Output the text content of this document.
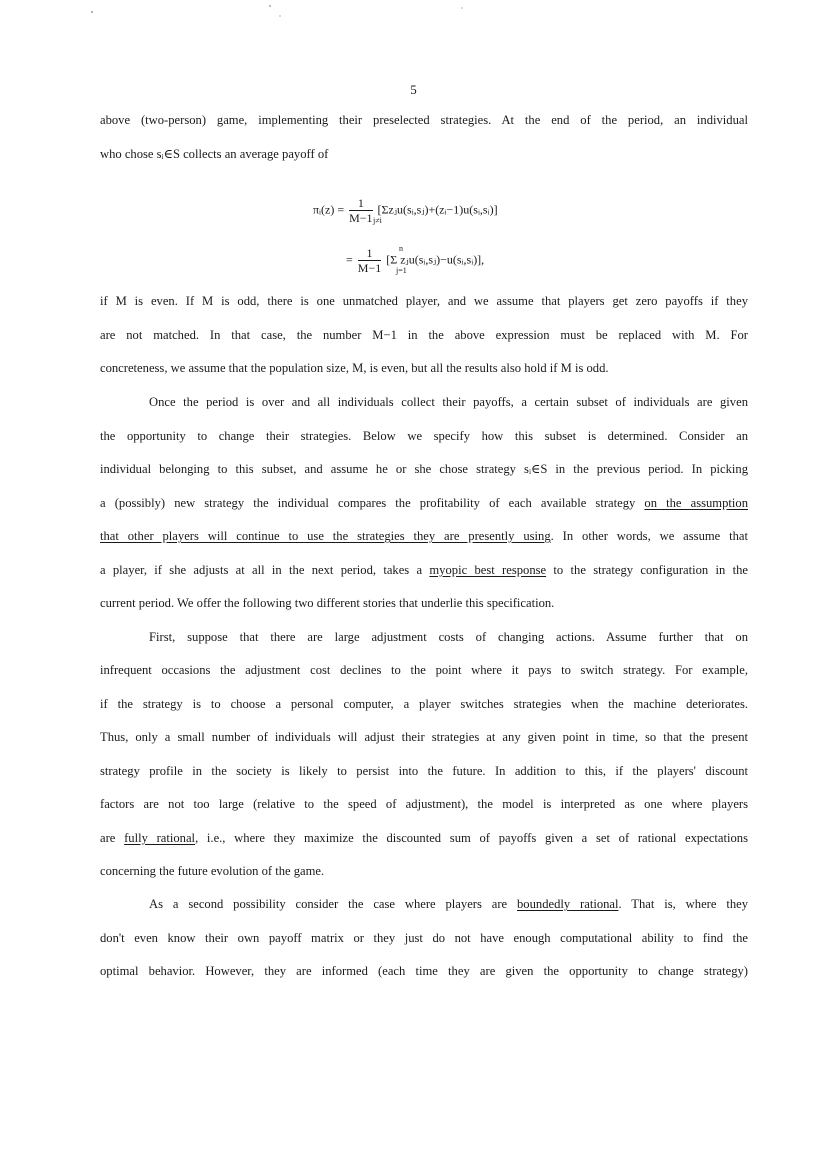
5
above (two-person) game, implementing their preselected strategies. At the end of the period, an individual
who chose sᵢ∈S collects an average payoff of
πᵢ(z) = $\frac{1}{M-1}$ [Σzⱼu(sᵢ,sⱼ)+(zᵢ−1)u(sᵢ,sᵢ)]
j≠i
= $\frac{1}{M-1} [\Sigma$ zⱼu(sᵢ,sⱼ)−u(sᵢ,sᵢ)],
n
j=1
if M is even. If M is odd, there is one unmatched player, and we assume that players get zero payoffs if they
are not matched. In that case, the number M−1 in the above expression must be replaced with M. For
concreteness, we assume that the population size, M, is even, but all the results also hold if M is odd.
Once the period is over and all individuals collect their payoffs, a certain subset of individuals are given
the opportunity to change their strategies. Below we specify how this subset is determined. Consider an
individual belonging to this subset, and assume he or she chose strategy sᵢ∈S in the previous period. In picking
a (possibly) new strategy the individual compares the profitability of each available strategy on the assumption
that other players will continue to use the strategies they are presently using. In other words, we assume that
a player, if she adjusts at all in the next period, takes a myopic best response to the strategy configuration in the
current period. We offer the following two different stories that underlie this specification.
First, suppose that there are large adjustment costs of changing actions. Assume further that on
infrequent occasions the adjustment cost declines to the point where it pays to switch strategy. For example,
if the strategy is to choose a personal computer, a player switches strategies when the machine deteriorates.
Thus, only a small number of individuals will adjust their strategies at any given point in time, so that the present
strategy profile in the society is likely to persist into the future. In addition to this, if the players' discount
factors are not too large (relative to the speed of adjustment), the model is interpreted as one where players
are fully rational, i.e., where they maximize the discounted sum of payoffs given a set of rational expectations
concerning the future evolution of the game.
As a second possibility consider the case where players are boundedly rational. That is, where they
don't even know their own payoff matrix or they just do not have enough computational ability to find the
optimal behavior. However, they are informed (each time they are given the opportunity to change strategy)
